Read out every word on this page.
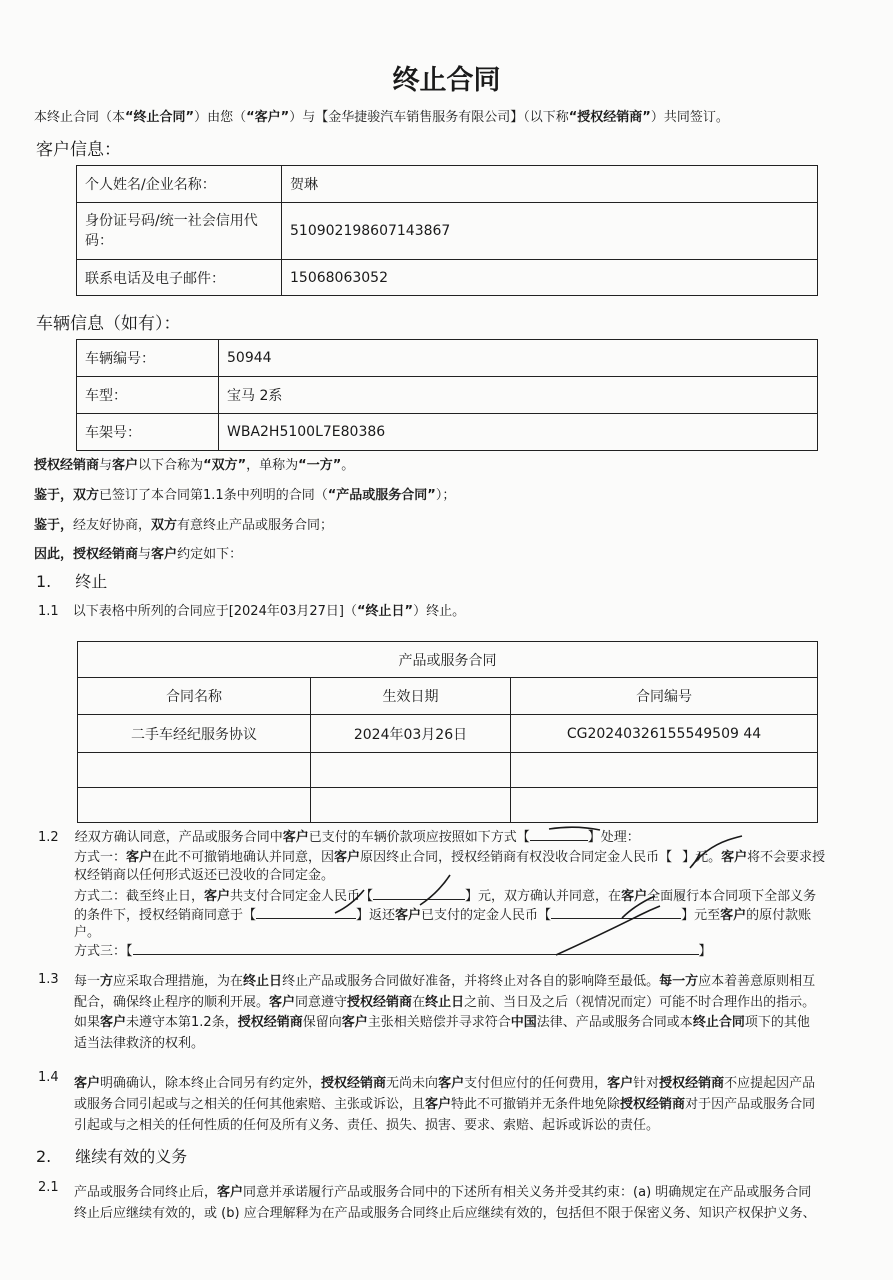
终止合同
本终止合同（本“终止合同”）由您（“客户”）与【金华捷骏汽车销售服务有限公司】（以下称“授权经销商”）共同签订。
客户信息：
个人姓名/企业名称：	贺琳
身份证号码/统一社会信用代码：	510902198607143867
联系电话及电子邮件：	15068063052
车辆信息（如有）：
车辆编号：	50944
车型：	宝马 2系
车架号：	WBA2H5100L7E80386
授权经销商与客户以下合称为“双方”，单称为“一方”。
鉴于，双方已签订了本合同第1.1条中列明的合同（“产品或服务合同”）；
鉴于，经友好协商，双方有意终止产品或服务合同；
因此，授权经销商与客户约定如下：
1. 终止
1.1 以下表格中所列的合同应于[2024年03月27日]（“终止日”）终止。
产品或服务合同		
合同名称	生效日期	合同编号
二手车经纪服务协议	2024年03月26日	CG20240326155549509 44

1.2 经双方确认同意，产品或服务合同中客户已支付的车辆价款项应按照如下方式【	】处理：
方式一：客户在此不可撤销地确认并同意，因客户原因终止合同，授权经销商有权没收合同定金人民币【 】元。客户将不会要求授
权经销商以任何形式返还已没收的合同定金。
方式二：截至终止日，客户共支付合同定金人民币【	】元，双方确认并同意，在客户全面履行本合同项下全部义务
的条件下，授权经销商同意于【	】返还客户已支付的定金人民币【	】元至客户的原付款账
户。
方式三：【	】
1.3 每一方应采取合理措施，为在终止日终止产品或服务合同做好准备，并将终止对各自的影响降至最低。每一方应本着善意原则相互
配合，确保终止程序的顺利开展。客户同意遵守授权经销商在终止日之前、当日及之后（视情况而定）可能不时合理作出的指示。
如果客户未遵守本第1.2条，授权经销商保留向客户主张相关赔偿并寻求符合中国法律、产品或服务合同或本终止合同项下的其他
适当法律救济的权利。
1.4 客户明确确认，除本终止合同另有约定外，授权经销商无尚未向客户支付但应付的任何费用，客户针对授权经销商不应提起因产品
或服务合同引起或与之相关的任何其他索赔、主张或诉讼，且客户特此不可撤销并无条件地免除授权经销商对于因产品或服务合同
引起或与之相关的任何性质的任何及所有义务、责任、损失、损害、要求、索赔、起诉或诉讼的责任。
2. 继续有效的义务
2.1 产品或服务合同终止后，客户同意并承诺履行产品或服务合同中的下述所有相关义务并受其约束：(a) 明确规定在产品或服务合同
终止后应继续有效的，或 (b) 应合理解释为在产品或服务合同终止后应继续有效的，包括但不限于保密义务、知识产权保护义务、
